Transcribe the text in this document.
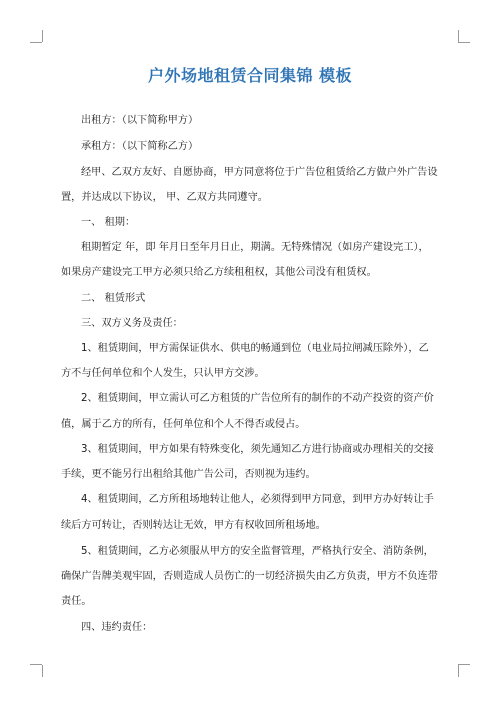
户外场地租赁合同集锦 模板
出租方：（以下简称甲方）
承租方：（以下简称乙方）
经甲、乙双方友好、自愿协商，甲方同意将位于广告位租赁给乙方做户外广告设
置，并达成以下协议， 甲、乙双方共同遵守。
一、 租期：
租期暂定 年，即 年月日至年月日止，期满。无特殊情况（如房产建设完工），
如果房产建设完工甲方必须只给乙方续租租权，其他公司没有租赁权。
二、 租赁形式
三、双方义务及责任：
1、租赁期间，甲方需保证供水、供电的畅通到位（电业局拉闸减压除外），乙
方不与任何单位和个人发生，只认甲方交涉。
2、租赁期间，甲立需认可乙方租赁的广告位所有的制作的不动产投资的资产价
值，属于乙方的所有，任何单位和个人不得否或侵占。
3、租赁期间，甲方如果有特殊变化，须先通知乙方进行协商或办理相关的交接
手续，更不能另行出租给其他广告公司，否则视为违约。
4、租赁期间，乙方所租场地转让他人，必须得到甲方同意，到甲方办好转让手
续后方可转让，否则转达让无效，甲方有权收回所租场地。
5、租赁期间，乙方必须服从甲方的安全监督管理，严格执行安全、消防条例，
确保广告牌美观牢固，否则造成人员伤亡的一切经济损失由乙方负责，甲方不负连带
责任。
四、违约责任：
